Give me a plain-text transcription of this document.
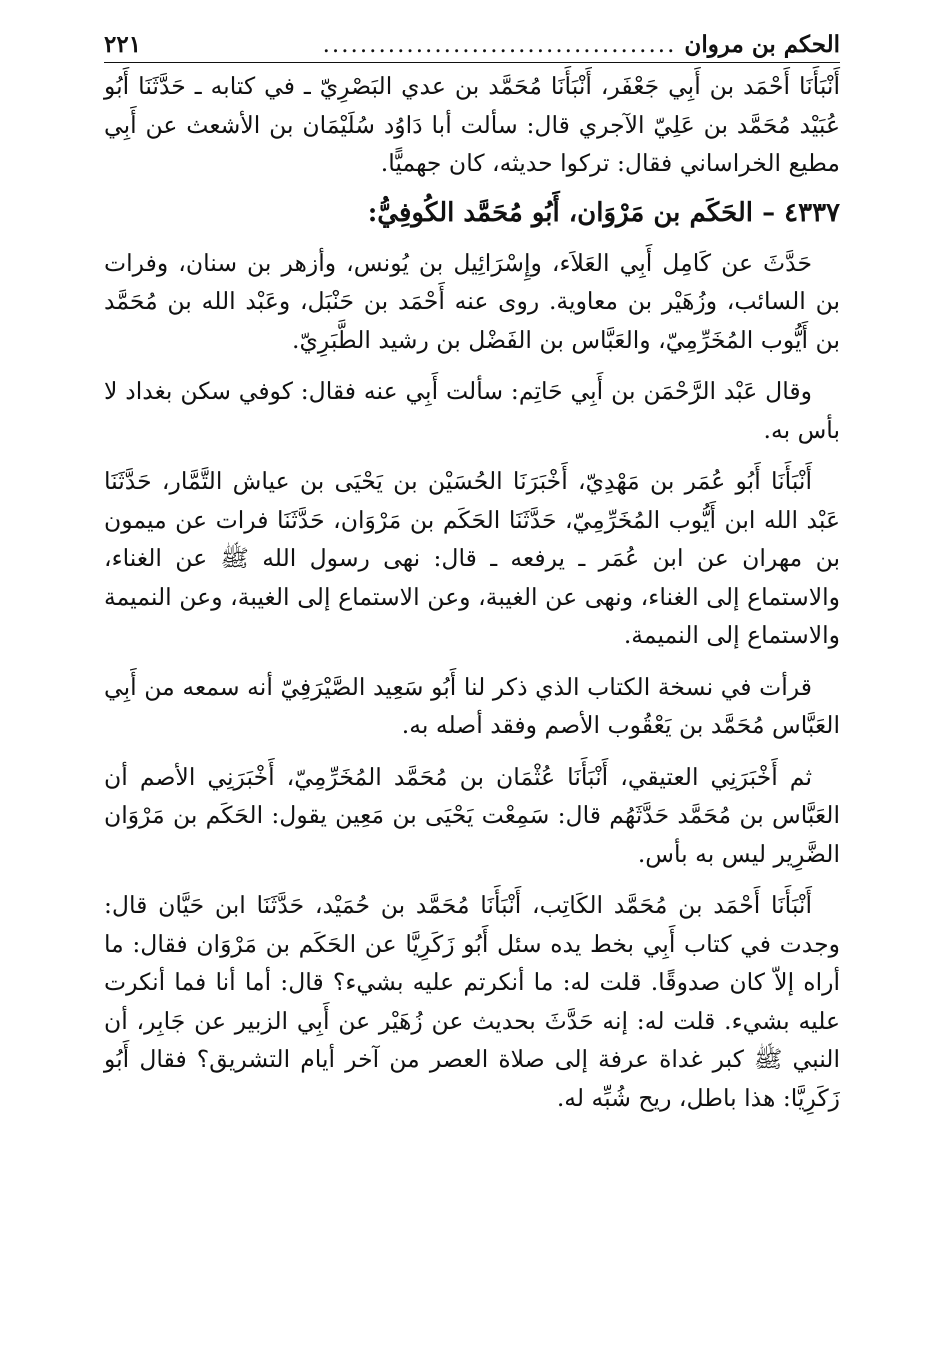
الحكم بن مروان
......................................
٢٢١

أَنْبَأَنَا أَحْمَد بن أَبِي جَعْفَر، أَنْبَأَنَا مُحَمَّد بن عدي البَصْرِيّ ـ في كتابه ـ حَدَّثَنَا أَبُو عُبَيْد مُحَمَّد بن عَلِيّ الآجري قال: سألت أبا دَاوُد سُلَيْمَان بن الأشعث عن أَبِي مطيع الخراساني فقال: تركوا حديثه، كان جهميًّا.

٤٣٣٧ – الحَكَم بن مَرْوَان، أَبُو مُحَمَّد الكُوفِيُّ:

حَدَّثَ عن كَامِل أَبِي العَلاَء، وإِسْرَائِيل بن يُونس، وأزهر بن سنان، وفرات بن السائب، وزُهَيْر بن معاوية. روى عنه أَحْمَد بن حَنْبَل، وعَبْد الله بن مُحَمَّد بن أَيُّوب المُخَرِّمِيّ، والعَبَّاس بن الفَضْل بن رشيد الطَّبَرِيّ.

وقال عَبْد الرَّحْمَن بن أَبِي حَاتِم: سألت أَبِي عنه فقال: كوفي سكن بغداد لا بأس به.

أَنْبَأَنَا أَبُو عُمَر بن مَهْدِيّ، أَخْبَرَنَا الحُسَيْن بن يَحْيَى بن عياش التَّمَّار، حَدَّثَنَا عَبْد الله ابن أَيُّوب المُخَرِّمِيّ، حَدَّثَنَا الحَكَم بن مَرْوَان، حَدَّثَنَا فرات عن ميمون بن مهران عن ابن عُمَر ـ يرفعه ـ قال: نهى رسول الله ﷺ عن الغناء، والاستماع إلى الغناء، ونهى عن الغيبة، وعن الاستماع إلى الغيبة، وعن النميمة والاستماع إلى النميمة.

قرأت في نسخة الكتاب الذي ذكر لنا أَبُو سَعِيد الصَّيْرَفِيّ أنه سمعه من أَبِي العَبَّاس مُحَمَّد بن يَعْقُوب الأصم وفقد أصله به.

ثم أَخْبَرَنِي العتيقي، أَنْبَأَنَا عُثْمَان بن مُحَمَّد المُخَرِّمِيّ، أَخْبَرَنِي الأصم أن العَبَّاس بن مُحَمَّد حَدَّثَهُم قال: سَمِعْت يَحْيَى بن مَعِين يقول: الحَكَم بن مَرْوَان الضَّرِير ليس به بأس.

أَنْبَأَنَا أَحْمَد بن مُحَمَّد الكَاتِب، أَنْبَأَنَا مُحَمَّد بن حُمَيْد، حَدَّثَنَا ابن حَيَّان قال: وجدت في كتاب أَبِي بخط يده سئل أَبُو زَكَرِيَّا عن الحَكَم بن مَرْوَان فقال: ما أراه إلاّ كان صدوقًا. قلت له: ما أنكرتم عليه بشيء؟ قال: أما أنا فما أنكرت عليه بشيء. قلت له: إنه حَدَّثَ بحديث عن زُهَيْر عن أَبِي الزبير عن جَابِر، أن النبي ﷺ كبر غداة عرفة إلى صلاة العصر من آخر أيام التشريق؟ فقال أَبُو زَكَرِيَّا: هذا باطل، ريح شُبِّه له.
